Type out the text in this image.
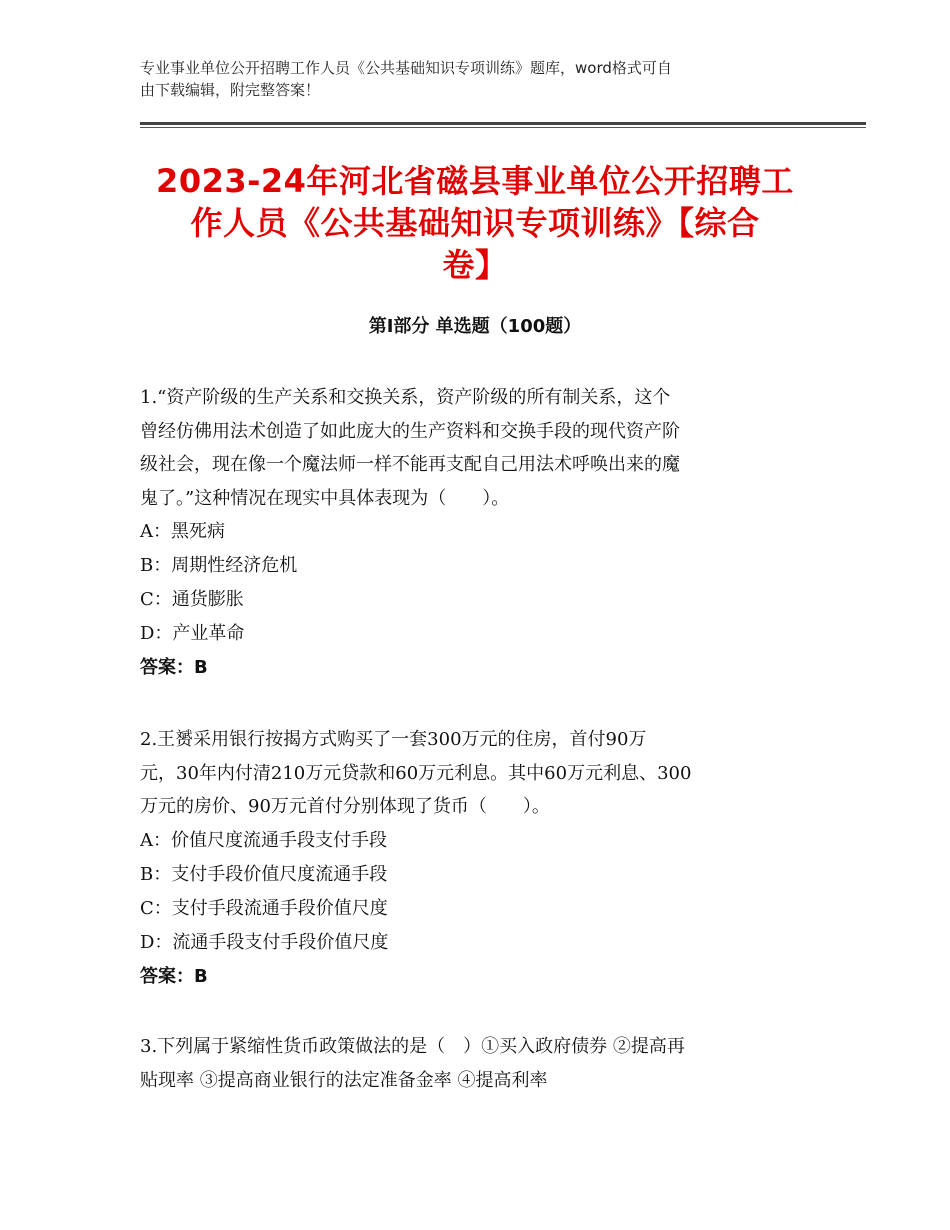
专业事业单位公开招聘工作人员《公共基础知识专项训练》题库，word格式可自
由下载编辑，附完整答案！
2023-24年河北省磁县事业单位公开招聘工
作人员《公共基础知识专项训练》【综合
卷】
第Ⅰ部分 单选题（100题）

1.“资产阶级的生产关系和交换关系，资产阶级的所有制关系，这个

曾经仿佛用法术创造了如此庞大的生产资料和交换手段的现代资产阶

级社会，现在像一个魔法师一样不能再支配自己用法术呼唤出来的魔

鬼了。”这种情况在现实中具体表现为（　　）。

A：黑死病

B：周期性经济危机

C：通货膨胀

D：产业革命

答案：B

2.王赟采用银行按揭方式购买了一套300万元的住房，首付90万

元，30年内付清210万元贷款和60万元利息。其中60万元利息、300

万元的房价、90万元首付分别体现了货币（　　）。

A：价值尺度流通手段支付手段

B：支付手段价值尺度流通手段

C：支付手段流通手段价值尺度

D：流通手段支付手段价值尺度

答案：B

3.下列属于紧缩性货币政策做法的是（　）①买入政府债券 ②提高再

贴现率 ③提高商业银行的法定准备金率 ④提高利率
